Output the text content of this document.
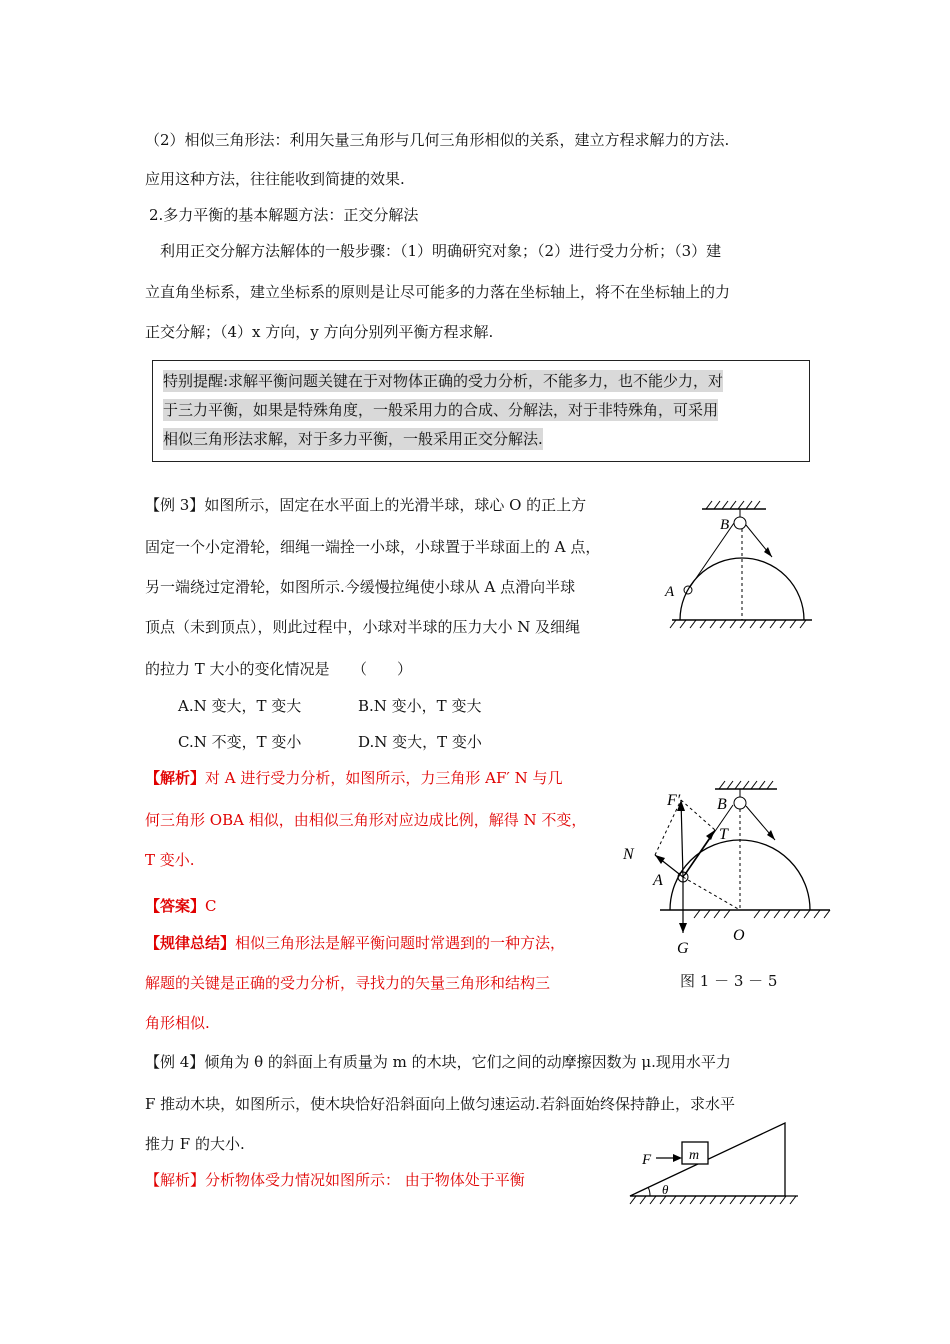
（2）相似三角形法：利用矢量三角形与几何三角形相似的关系，建立方程求解力的方法.
应用这种方法，往往能收到简捷的效果.
2.多力平衡的基本解题方法：正交分解法
利用正交分解方法解体的一般步骤：（1）明确研究对象；（2）进行受力分析；（3）建
立直角坐标系，建立坐标系的原则是让尽可能多的力落在坐标轴上，将不在坐标轴上的力
正交分解；（4）x 方向，y 方向分别列平衡方程求解.
特别提醒:求解平衡问题关键在于对物体正确的受力分析，不能多力，也不能少力，对
于三力平衡，如果是特殊角度，一般采用力的合成、分解法，对于非特殊角，可采用
相似三角形法求解，对于多力平衡，一般采用正交分解法.
【例 3】如图所示，固定在水平面上的光滑半球，球心 O 的正上方
固定一个小定滑轮，细绳一端拴一小球，小球置于半球面上的 A 点，
另一端绕过定滑轮，如图所示.今缓慢拉绳使小球从 A 点滑向半球
顶点（未到顶点），则此过程中，小球对半球的压力大小 N 及细绳
的拉力 T 大小的变化情况是　　（　　）
A.N 变大，T 变大	B.N 变小，T 变大
C.N 不变，T 变小	D.N 变大，T 变小
【解析】对 A 进行受力分析，如图所示，力三角形 AF′ N 与几
何三角形 OBA 相似，由相似三角形对应边成比例，解得 N 不变，
T 变小.
【答案】C
【规律总结】相似三角形法是解平衡问题时常遇到的一种方法，
解题的关键是正确的受力分析，寻找力的矢量三角形和结构三
角形相似.
图 1 － 3 － 5
【例 4】倾角为 θ 的斜面上有质量为 m 的木块，它们之间的动摩擦因数为 μ.现用水平力
F 推动木块，如图所示，使木块恰好沿斜面向上做匀速运动.若斜面始终保持静止，求水平
推力 F 的大小.
【解析】分析物体受力情况如图所示： 由于物体处于平衡
B
A
F′ B
T
N
A
G
O
F	m
θ
